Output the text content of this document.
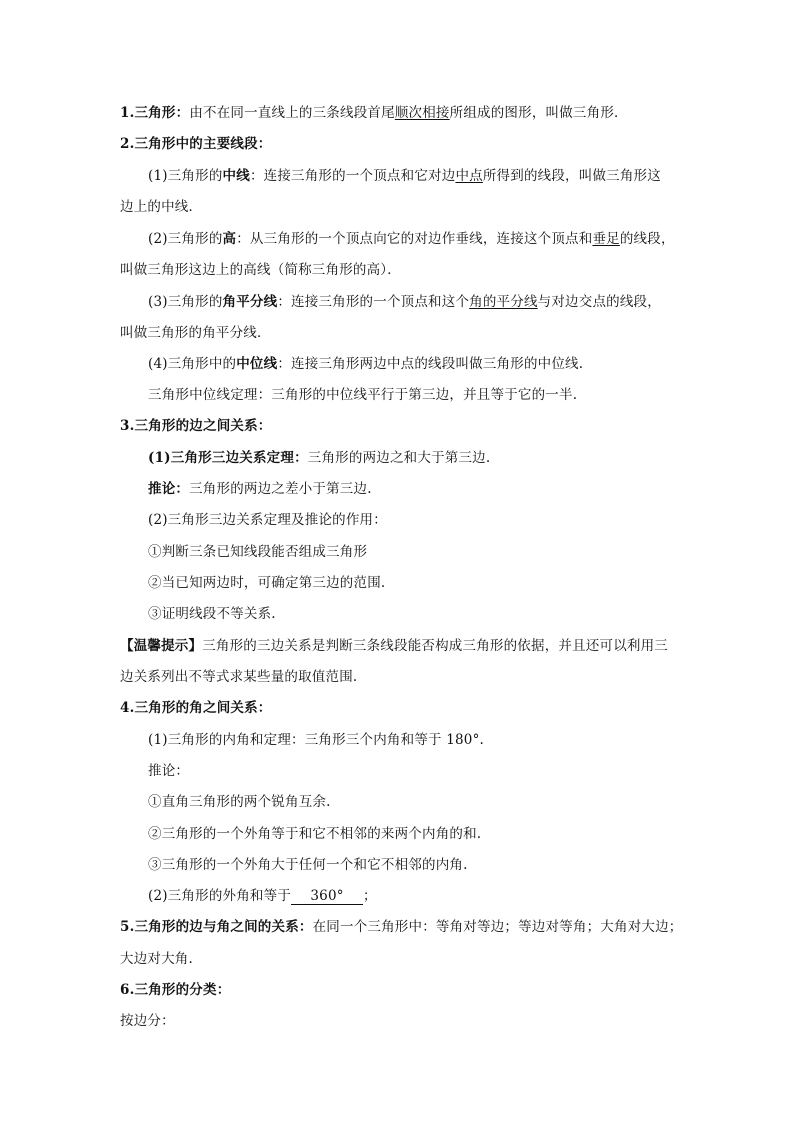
1.三角形：由不在同一直线上的三条线段首尾顺次相接所组成的图形，叫做三角形．
2.三角形中的主要线段：
(1)三角形的中线：连接三角形的一个顶点和它对边中点所得到的线段，叫做三角形这
边上的中线．
(2)三角形的高：从三角形的一个顶点向它的对边作垂线，连接这个顶点和垂足的线段，
叫做三角形这边上的高线（简称三角形的高）．
(3)三角形的角平分线：连接三角形的一个顶点和这个角的平分线与对边交点的线段，
叫做三角形的角平分线．
(4)三角形中的中位线：连接三角形两边中点的线段叫做三角形的中位线.
三角形中位线定理：三角形的中位线平行于第三边，并且等于它的一半.
3.三角形的边之间关系：
(1)三角形三边关系定理：三角形的两边之和大于第三边.
推论：三角形的两边之差小于第三边.
(2)三角形三边关系定理及推论的作用：
①判断三条已知线段能否组成三角形
②当已知两边时，可确定第三边的范围.
③证明线段不等关系.
【温馨提示】三角形的三边关系是判断三条线段能否构成三角形的依据，并且还可以利用三
边关系列出不等式求某些量的取值范围.
4.三角形的角之间关系：
(1)三角形的内角和定理：三角形三个内角和等于 180°.
推论：
①直角三角形的两个锐角互余.
②三角形的一个外角等于和它不相邻的来两个内角的和.
③三角形的一个外角大于任何一个和它不相邻的内角.
(2)三角形的外角和等于 360° ；
5.三角形的边与角之间的关系：在同一个三角形中：等角对等边；等边对等角；大角对大边；
大边对大角.
6.三角形的分类：
按边分：
